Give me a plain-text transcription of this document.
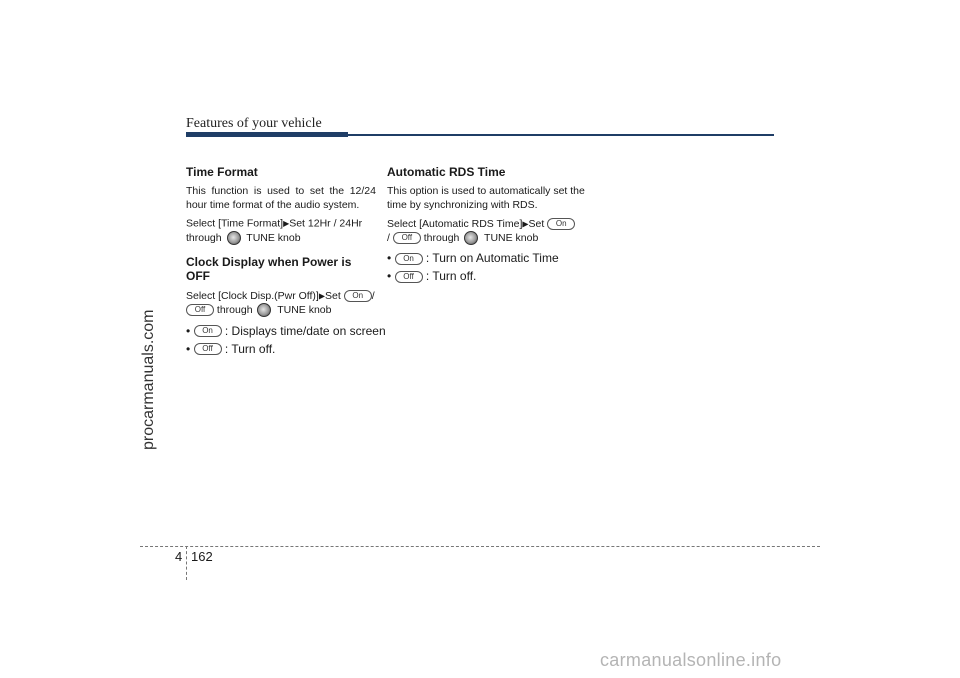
Features of your vehicle
procarmanuals.com
Time Format

This function is used to set the 12/24 hour time format of the audio system.

Select [Time Format]▶Set 12Hr / 24Hr
through TUNE knob

Clock Display when Power is OFF

Select [Clock Disp.(Pwr Off)]▶Set On /
Off through TUNE knob

• On : Displays time/date on screen
• Off : Turn off.
Automatic RDS Time

This option is used to automatically set the time by synchronizing with RDS.

Select [Automatic RDS Time]▶Set On
/ Off through TUNE knob

• On : Turn on Automatic Time
• Off : Turn off.
4 162
carmanualsonline.info
